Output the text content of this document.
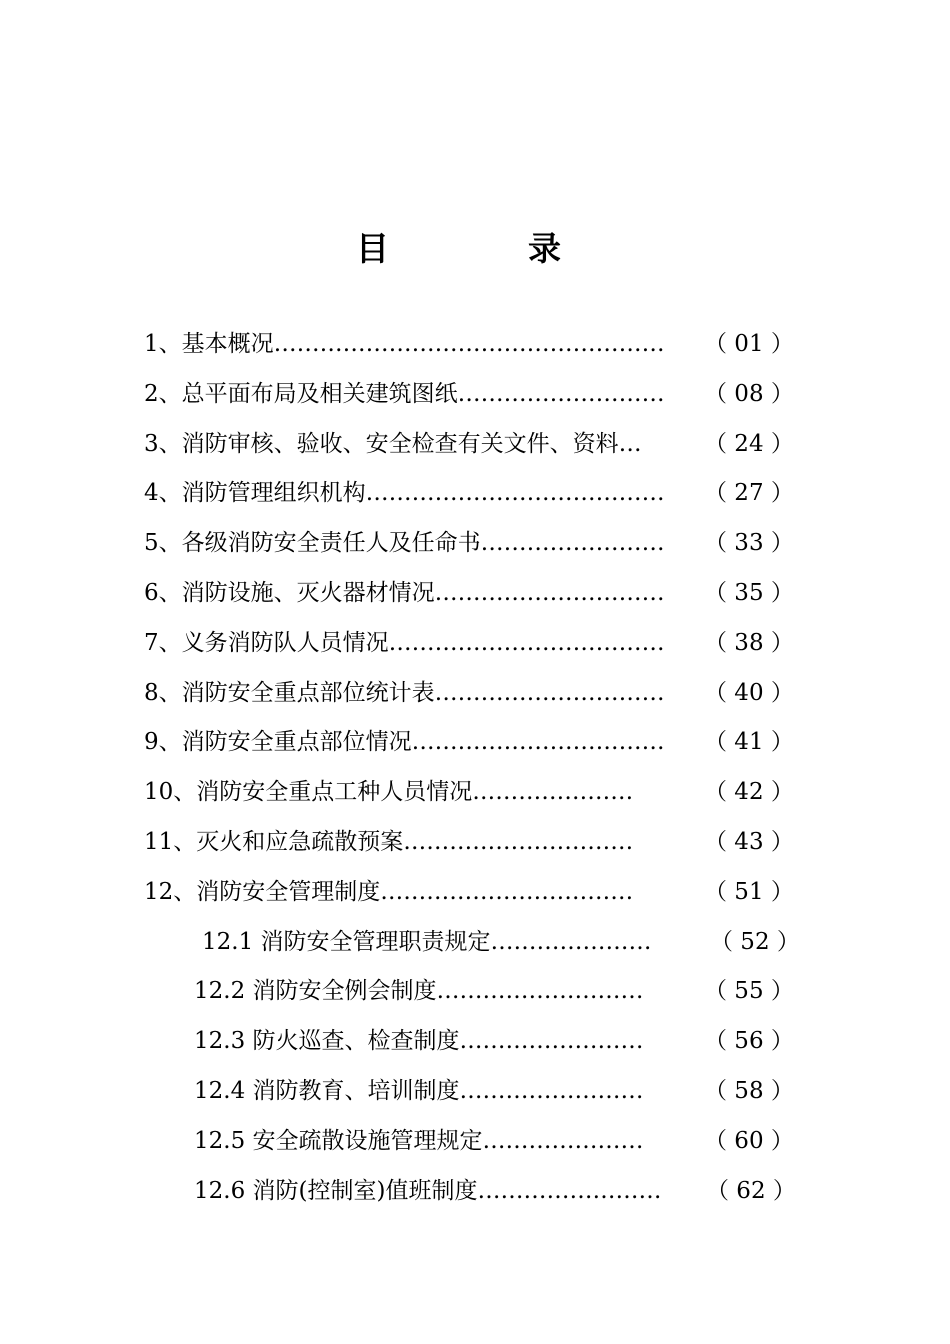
目	录
1、基本概况……………………………………………	（ 01 ）
2、总平面布局及相关建筑图纸………………………	（ 08 ）
3、消防审核、验收、安全检查有关文件、资料…	（ 24 ）
4、消防管理组织机构…………………………………	（ 27 ）
5、各级消防安全责任人及任命书……………………	（ 33 ）
6、消防设施、灭火器材情况…………………………	（ 35 ）
7、义务消防队人员情况………………………………	（ 38 ）
8、消防安全重点部位统计表…………………………	（ 40 ）
9、消防安全重点部位情况……………………………	（ 41 ）
10、消防安全重点工种人员情况…………………	（ 42 ）
11、灭火和应急疏散预案…………………………	（ 43 ）
12、消防安全管理制度……………………………	（ 51 ）
12.1 消防安全管理职责规定…………………	（ 52 ）
12.2 消防安全例会制度………………………	（ 55 ）
12.3 防火巡查、检查制度……………………	（ 56 ）
12.4 消防教育、培训制度……………………	（ 58 ）
12.5 安全疏散设施管理规定…………………	（ 60 ）
12.6 消防(控制室)值班制度……………………	（ 62 ）
